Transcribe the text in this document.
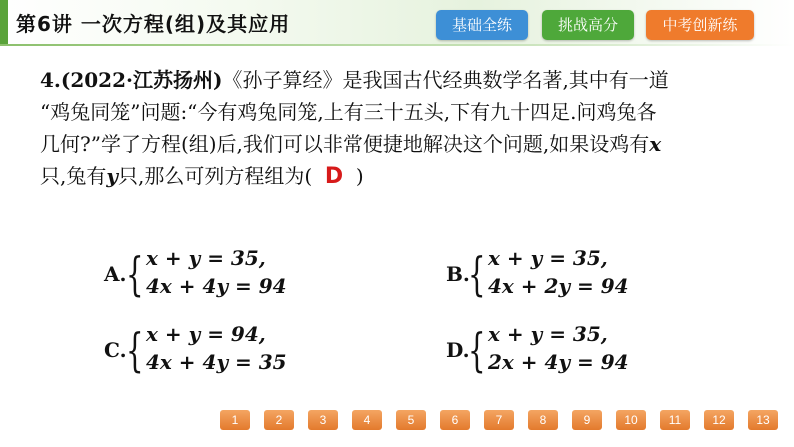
第6讲 一次方程(组)及其应用	基础全练	挑战高分	中考创新练

4.(2022·江苏扬州)《孙子算经》是我国古代经典数学名著,其中有一道

“鸡兔同笼”问题:“今有鸡兔同笼,上有三十五头,下有九十四足.问鸡兔各

几何?”学了方程(组)后,我们可以非常便捷地解决这个问题,如果设鸡有x

只,兔有y只,那么可列方程组为(  D  )

A. { x + y = 35,
4x + 4y = 94	B.
{ x + y = 35,
4x + 2y = 94
C. { x + y = 94,
4x + 4y = 35	D.
{ x + y = 35,
2x + 4y = 94
1	2	3	4	5	6	7	8	9	10	11	12	13
